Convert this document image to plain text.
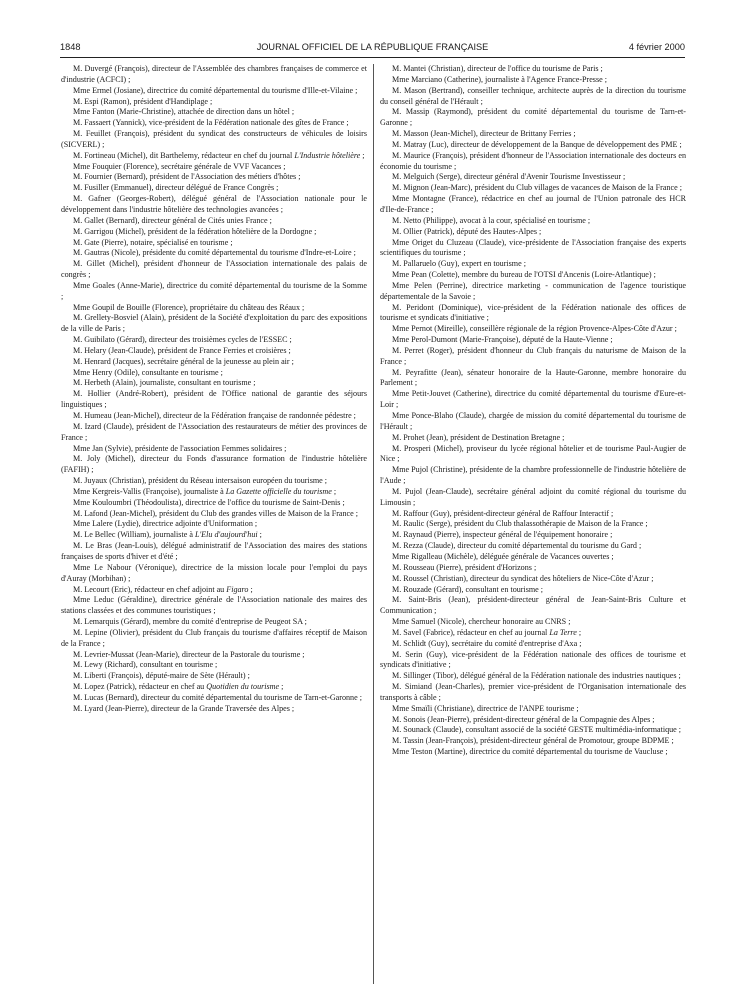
1848	JOURNAL OFFICIEL DE LA RÉPUBLIQUE FRANÇAISE	4 février 2000

M. Duvergé (François), directeur de l'Assemblée des chambres françaises de commerce et d'industrie (ACFCI) ;

Mme Ermel (Josiane), directrice du comité départemental du tourisme d'Ille-et-Vilaine ;

M. Espi (Ramon), président d'Handiplage ;

Mme Fanton (Marie-Christine), attachée de direction dans un hôtel ;

M. Fassaert (Yannick), vice-président de la Fédération nationale des gîtes de France ;

M. Feuillet (François), président du syndicat des constructeurs de véhicules de loisirs (SICVERL) ;

M. Fortineau (Michel), dit Barthelemy, rédacteur en chef du journal L'Industrie hôtelière ;

Mme Fouquier (Florence), secrétaire générale de VVF Vacances ;

M. Fournier (Bernard), président de l'Association des métiers d'hôtes ;

M. Fusiller (Emmanuel), directeur délégué de France Congrès ;

M. Gafner (Georges-Robert), délégué général de l'Association nationale pour le développement dans l'industrie hôtelière des technologies avancées ;

M. Gallet (Bernard), directeur général de Cités unies France ;

M. Garrigou (Michel), président de la fédération hôtelière de la Dordogne ;

M. Gate (Pierre), notaire, spécialisé en tourisme ;

M. Gautras (Nicole), présidente du comité départemental du tourisme d'Indre-et-Loire ;

M. Gillet (Michel), président d'honneur de l'Association internationale des palais de congrès ;

Mme Goales (Anne-Marie), directrice du comité départemental du tourisme de la Somme ;

Mme Goupil de Bouille (Florence), propriétaire du château des Réaux ;

M. Grellety-Bosviel (Alain), président de la Société d'exploitation du parc des expositions de la ville de Paris ;

M. Guibilato (Gérard), directeur des troisièmes cycles de l'ESSEC ;

M. Helary (Jean-Claude), président de France Ferries et croisières ;

M. Henrard (Jacques), secrétaire général de la jeunesse au plein air ;

Mme Henry (Odile), consultante en tourisme ;

M. Herbeth (Alain), journaliste, consultant en tourisme ;

M. Hollier (André-Robert), président de l'Office national de garantie des séjours linguistiques ;

M. Humeau (Jean-Michel), directeur de la Fédération française de randonnée pédestre ;

M. Izard (Claude), président de l'Association des restaurateurs de métier des provinces de France ;

Mme Jan (Sylvie), présidente de l'association Femmes solidaires ;

M. Joly (Michel), directeur du Fonds d'assurance formation de l'industrie hôtelière (FAFIH) ;

M. Juyaux (Christian), président du Réseau intersaison européen du tourisme ;

Mme Kergreis-Vallis (Françoise), journaliste à La Gazette officielle du tourisme ;

Mme Kouloumbri (Théodoulista), directrice de l'office du tourisme de Saint-Denis ;

M. Lafond (Jean-Michel), président du Club des grandes villes de Maison de la France ;

Mme Lalere (Lydie), directrice adjointe d'Uniformation ;

M. Le Bellec (William), journaliste à L'Elu d'aujourd'hui ;

M. Le Bras (Jean-Louis), délégué administratif de l'Association des maires des stations françaises de sports d'hiver et d'été ;

Mme Le Nabour (Véronique), directrice de la mission locale pour l'emploi du pays d'Auray (Morbihan) ;

M. Lecourt (Eric), rédacteur en chef adjoint au Figaro ;

Mme Leduc (Géraldine), directrice générale de l'Association nationale des maires des stations classées et des communes touristiques ;

M. Lemarquis (Gérard), membre du comité d'entreprise de Peugeot SA ;

M. Lepine (Olivier), président du Club français du tourisme d'affaires réceptif de Maison de la France ;

M. Levrier-Mussat (Jean-Marie), directeur de la Pastorale du tourisme ;

M. Lewy (Richard), consultant en tourisme ;

M. Liberti (François), député-maire de Sète (Hérault) ;

M. Lopez (Patrick), rédacteur en chef au Quotidien du tourisme ;

M. Lucas (Bernard), directeur du comité départemental du tourisme de Tarn-et-Garonne ;

M. Lyard (Jean-Pierre), directeur de la Grande Traversée des Alpes ;

M. Mantei (Christian), directeur de l'office du tourisme de Paris ;

Mme Marciano (Catherine), journaliste à l'Agence France-Presse ;

M. Mason (Bertrand), conseiller technique, architecte auprès de la direction du tourisme du conseil général de l'Hérault ;

M. Massip (Raymond), président du comité départemental du tourisme de Tarn-et-Garonne ;

M. Masson (Jean-Michel), directeur de Brittany Ferries ;

M. Matray (Luc), directeur de développement de la Banque de développement des PME ;

M. Maurice (François), président d'honneur de l'Association internationale des docteurs en économie du tourisme ;

M. Melguich (Serge), directeur général d'Avenir Tourisme Investisseur ;

M. Mignon (Jean-Marc), président du Club villages de vacances de Maison de la France ;

Mme Montagne (France), rédactrice en chef au journal de l'Union patronale des HCR d'Ile-de-France ;

M. Netto (Philippe), avocat à la cour, spécialisé en tourisme ;

M. Ollier (Patrick), député des Hautes-Alpes ;

Mme Origet du Cluzeau (Claude), vice-présidente de l'Association française des experts scientifiques du tourisme ;

M. Pallaruelo (Guy), expert en tourisme ;

Mme Pean (Colette), membre du bureau de l'OTSI d'Ancenis (Loire-Atlantique) ;

Mme Pelen (Perrine), directrice marketing - communication de l'agence touristique départementale de la Savoie ;

M. Peridont (Dominique), vice-président de la Fédération nationale des offices de tourisme et syndicats d'initiative ;

Mme Pernot (Mireille), conseillère régionale de la région Provence-Alpes-Côte d'Azur ;

Mme Perol-Dumont (Marie-Françoise), député de la Haute-Vienne ;

M. Perret (Roger), président d'honneur du Club français du naturisme de Maison de la France ;

M. Peyrafitte (Jean), sénateur honoraire de la Haute-Garonne, membre honoraire du Parlement ;

Mme Petit-Jouvet (Catherine), directrice du comité départemental du tourisme d'Eure-et-Loir ;

Mme Ponce-Blaho (Claude), chargée de mission du comité départemental du tourisme de l'Hérault ;

M. Prohet (Jean), président de Destination Bretagne ;

M. Prosperi (Michel), proviseur du lycée régional hôtelier et de tourisme Paul-Augier de Nice ;

Mme Pujol (Christine), présidente de la chambre professionnelle de l'industrie hôtelière de l'Aude ;

M. Pujol (Jean-Claude), secrétaire général adjoint du comité régional du tourisme du Limousin ;

M. Raffour (Guy), président-directeur général de Raffour Interactif ;

M. Raulic (Serge), président du Club thalassothérapie de Maison de la France ;

M. Raynaud (Pierre), inspecteur général de l'équipement honoraire ;

M. Rezza (Claude), directeur du comité départemental du tourisme du Gard ;

Mme Rigalleau (Michèle), déléguée générale de Vacances ouvertes ;

M. Rousseau (Pierre), président d'Horizons ;

M. Roussel (Christian), directeur du syndicat des hôteliers de Nice-Côte d'Azur ;

M. Rouzade (Gérard), consultant en tourisme ;

M. Saint-Bris (Jean), président-directeur général de Jean-Saint-Bris Culture et Communication ;

Mme Samuel (Nicole), chercheur honoraire au CNRS ;

M. Savel (Fabrice), rédacteur en chef au journal La Terre ;

M. Schlidt (Guy), secrétaire du comité d'entreprise d'Axa ;

M. Serin (Guy), vice-président de la Fédération nationale des offices de tourisme et syndicats d'initiative ;

M. Sillinger (Tibor), délégué général de la Fédération nationale des industries nautiques ;

M. Simiand (Jean-Charles), premier vice-président de l'Organisation internationale des transports à câble ;

Mme Smaïli (Christiane), directrice de l'ANPE tourisme ;

M. Sonois (Jean-Pierre), président-directeur général de la Compagnie des Alpes ;

M. Sounack (Claude), consultant associé de la société GESTE multimédia-informatique ;

M. Tassin (Jean-François), président-directeur général de Promotour, groupe BDPME ;

Mme Teston (Martine), directrice du comité départemental du tourisme de Vaucluse ;
